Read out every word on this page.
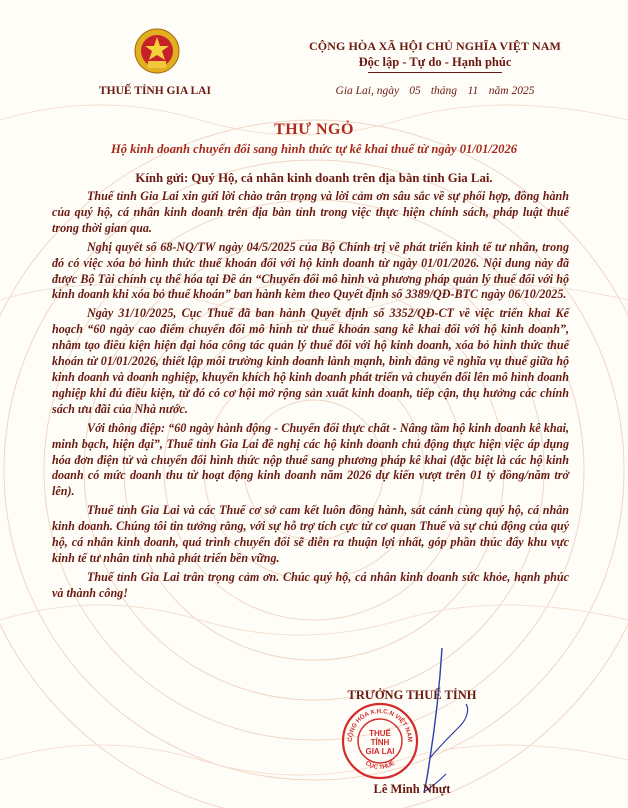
THUẾ TỈNH GIA LAI
CỘNG HÒA XÃ HỘI CHỦ NGHĨA VIỆT NAM
Độc lập - Tự do - Hạnh phúc
Gia Lai, ngày 05 tháng 11 năm 2025
THƯ NGỎ
Hộ kinh doanh chuyển đổi sang hình thức tự kê khai thuế từ ngày 01/01/2026
Kính gửi: Quý Hộ, cá nhân kinh doanh trên địa bàn tỉnh Gia Lai.

Thuế tỉnh Gia Lai xin gửi lời chào trân trọng và lời cảm ơn sâu sắc về sự phối hợp, đồng hành của quý hộ, cá nhân kinh doanh trên địa bàn tỉnh trong việc thực hiện chính sách, pháp luật thuế trong thời gian qua.

Nghị quyết số 68-NQ/TW ngày 04/5/2025 của Bộ Chính trị về phát triển kinh tế tư nhân, trong đó có việc xóa bỏ hình thức thuế khoán đối với hộ kinh doanh từ ngày 01/01/2026. Nội dung này đã được Bộ Tài chính cụ thể hóa tại Đề án “Chuyển đổi mô hình và phương pháp quản lý thuế đối với hộ kinh doanh khi xóa bỏ thuế khoán” ban hành kèm theo Quyết định số 3389/QĐ-BTC ngày 06/10/2025.

Ngày 31/10/2025, Cục Thuế đã ban hành Quyết định số 3352/QĐ-CT về việc triển khai Kế hoạch “60 ngày cao điểm chuyển đổi mô hình từ thuế khoán sang kê khai đối với hộ kinh doanh”, nhằm tạo điều kiện hiện đại hóa công tác quản lý thuế đối với hộ kinh doanh, xóa bỏ hình thức thuế khoán từ 01/01/2026, thiết lập môi trường kinh doanh lành mạnh, bình đẳng về nghĩa vụ thuế giữa hộ kinh doanh và doanh nghiệp, khuyến khích hộ kinh doanh phát triển và chuyển đổi lên mô hình doanh nghiệp khi đủ điều kiện, từ đó có cơ hội mở rộng sản xuất kinh doanh, tiếp cận, thụ hưởng các chính sách ưu đãi của Nhà nước.

Với thông điệp: “60 ngày hành động - Chuyển đổi thực chất - Nâng tầm hộ kinh doanh kê khai, minh bạch, hiện đại”, Thuế tỉnh Gia Lai đề nghị các hộ kinh doanh chủ động thực hiện việc áp dụng hóa đơn điện tử và chuyển đổi hình thức nộp thuế sang phương pháp kê khai (đặc biệt là các hộ kinh doanh có mức doanh thu từ hoạt động kinh doanh năm 2026 dự kiến vượt trên 01 tỷ đồng/năm trở lên).

Thuế tỉnh Gia Lai và các Thuế cơ sở cam kết luôn đồng hành, sát cánh cùng quý hộ, cá nhân kinh doanh. Chúng tôi tin tưởng rằng, với sự hỗ trợ tích cực từ cơ quan Thuế và sự chủ động của quý hộ, cá nhân kinh doanh, quá trình chuyển đổi sẽ diễn ra thuận lợi nhất, góp phần thúc đẩy khu vực kinh tế tư nhân tỉnh nhà phát triển bền vững.

Thuế tỉnh Gia Lai trân trọng cảm ơn. Chúc quý hộ, cá nhân kinh doanh sức khỏe, hạnh phúc và thành công!

TRƯỞNG THUẾ TỈNH
CỘNG HÒA X.H.C.N VIỆT NAM
CỤC THUẾ
THUẾ
TỈNH
GIA LAI
Lê Minh Nhựt
